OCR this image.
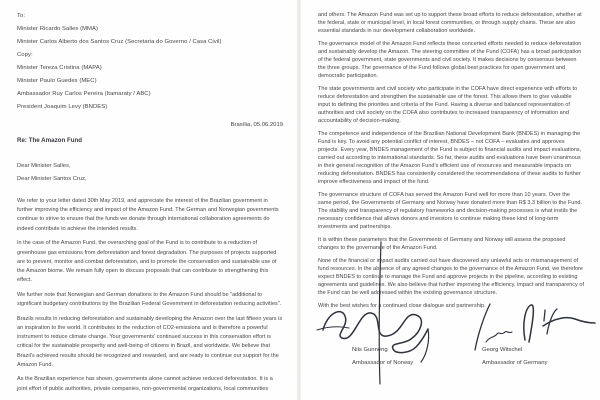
To:
Minister Ricardo Salles (MMA)
Minister Carlos Alberto dos Santos Cruz (Secretaria do Governo / Casa Civil)
Copy:
Minister Tereza Cristina (MAPA)
Minister Paulo Guedes (MEC)
Ambassador Ruy Carlos Pereira (Itamaraty / ABC)
President Joaquim Levy (BNDES)
Brasília, 05.06.2019
Re: The Amazon Fund
Dear Minister Salles,
Dear Minister Santos Cruz,

We refer to your letter dated 30th May 2019, and appreciate the interest of the Brazilian government in further improving the efficiency and impact of the Amazon Fund. The German and Norwegian governments continue to strive to ensure that the funds we donate through international collaboration agreements do indeed contribute to achieve the intended results.

In the case of the Amazon Fund, the overarching goal of the Fund is to contribute to a reduction of greenhouse gas emissions from deforestation and forest degradation. The purposes of projects supported are to prevent, monitor and combat deforestation, and to promote the conservation and sustainable use of the Amazon biome. We remain fully open to discuss proposals that can contribute to strengthening this effect.

We further note that Norwegian and German donations to the Amazon Fund should be "additional to significant budgetary contributions by the Brazilian Federal Government in deforestation reducing activities".

Brazils results in reducing deforestation and sustainably developing the Amazon over the last fifteen years is an inspiration to the world. It contributes to the reduction of CO2-emissions and is therefore a powerful instrument to reduce climate change. Your governments' continued success in this conservation effort is critical for the sustainable prosperity and well-being of citizens in Brazil, and worldwide. We believe that Brazil's achieved results should be recognized and rewarded, and are ready to continue our support for the Amazon Fund.

As the Brazilian experience has shown, governments alone cannot achieve reduced deforestation. It is a joint effort of public authorities, private companies, non-governmental organizations, local communities

and others. The Amazon Fund was set up to support these broad efforts to reduce deforestation, whether at the federal, state or municipal level, in local forest communities, or through supply chains. These are also essential standards in our development collaboration worldwide.

The governance model of the Amazon Fund reflects these concerted efforts needed to reduce deforestation and sustainably develop the Amazon. The steering committee of the Fund (COFA) has a broad participation of the federal government, state governments and civil society. It makes decisions by consensus between the three groups. The governance of the Fund follows global best practices for open government and democratic participation.

The state governments and civil society who participate in the COFA have direct experience with efforts to reduce deforestation and strengthen the sustainable use of the forest. This allows them to give valuable input to defining the priorities and criteria of the Fund. Having a diverse and balanced representation of authorities and civil society on the COFA also contributes to increased transparency of information and accountability of decision-making.

The competence and independence of the Brazilian National Development Bank (BNDES) in managing the Fund is key. To avoid any potential conflict of interest, BNDES – not COFA – evaluates and approves projects. Every year, BNDES management of the Fund is subject to financial audits and impact evaluations, carried out according to international standards. So far, these audits and evaluations have been unanimous in their general recognition of the Amazon Fund's efficient use of resources and measurable impacts on reducing deforestation. BNDES has consistently considered the recommendations of these audits to further improve effectiveness and impact of the fund.

The governance structure of COFA has served the Amazon Fund well for more than 10 years. Over the same period, the Governments of Germany and Norway have donated more than R$ 3.3 billion to the Fund. The stability and transparency of regulatory frameworks and decision-making processes is what instils the necessary confidence that allows donors and investors to continue making these kind of long-term investments and partnerships.

It is within these parameters that the Governments of Germany and Norway will assess the proposed changes to the governance of the Amazon Fund.

None of the financial or impact audits carried out have discovered any unlawful acts or mismanagement of fund resources. In the absence of any agreed changes to the governance of the Amazon Fund, we therefore expect BNDES to continue to manage the Fund and approve projects in the pipeline, according to existing agreements and guidelines. We also believe that further improving the efficiency, impact and transparency of the Fund can be well addressed within the existing governance structure.

With the best wishes for a continued close dialogue and partnership.

Nils Gunneng
Ambassador of Norway
Georg Witschel
Ambassador of Germany
